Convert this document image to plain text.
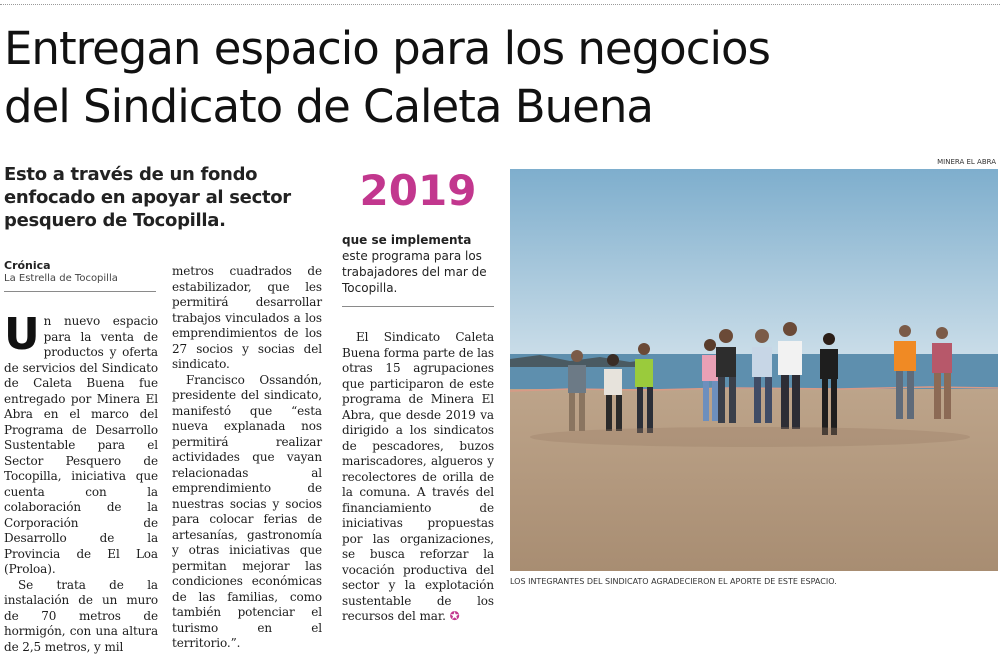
Entregan espacio para los negocios
del Sindicato de Caleta Buena
Esto a través de un fondo enfocado en apoyar al sector pesquero de Tocopilla.
Crónica
La Estrella de Tocopilla

Un nuevo espacio para la venta de productos y oferta de servicios del Sindicato de Caleta Buena fue entregado por Minera El Abra en el marco del Programa de Desarrollo Sustentable para el Sector Pesquero de Tocopilla, iniciativa que cuenta con la colaboración de la Corporación de Desarrollo de la Provincia de El Loa (Proloa).

Se trata de la instalación de un muro de 70 metros de hormigón, con una altura de 2,5 metros, y mil

metros cuadrados de estabilizador, que les permitirá desarrollar trabajos vinculados a los emprendimientos de los 27 socios y socias del sindicato.

Francisco Ossandón, presidente del sindicato, manifestó que “esta nueva explanada nos permitirá realizar actividades que vayan relacionadas al emprendimiento de nuestras socias y socios para colocar ferias de artesanías, gastronomía y otras iniciativas que permitan mejorar las condiciones económicas de las familias, como también potenciar el turismo en el territorio.”.

2019
que se implementa este programa para los trabajadores del mar de Tocopilla.

El Sindicato Caleta Buena forma parte de las otras 15 agrupaciones que participaron de este programa de Minera El Abra, que desde 2019 va dirigido a los sindicatos de pescadores, buzos mariscadores, algueros y recolectores de orilla de la comuna. A través del financiamiento de iniciativas propuestas por las organizaciones, se busca reforzar la vocación productiva del sector y la explotación sustentable de los recursos del mar. ✪

MINERA EL ABRA
LOS INTEGRANTES DEL SINDICATO AGRADECIERON EL APORTE DE ESTE ESPACIO.
